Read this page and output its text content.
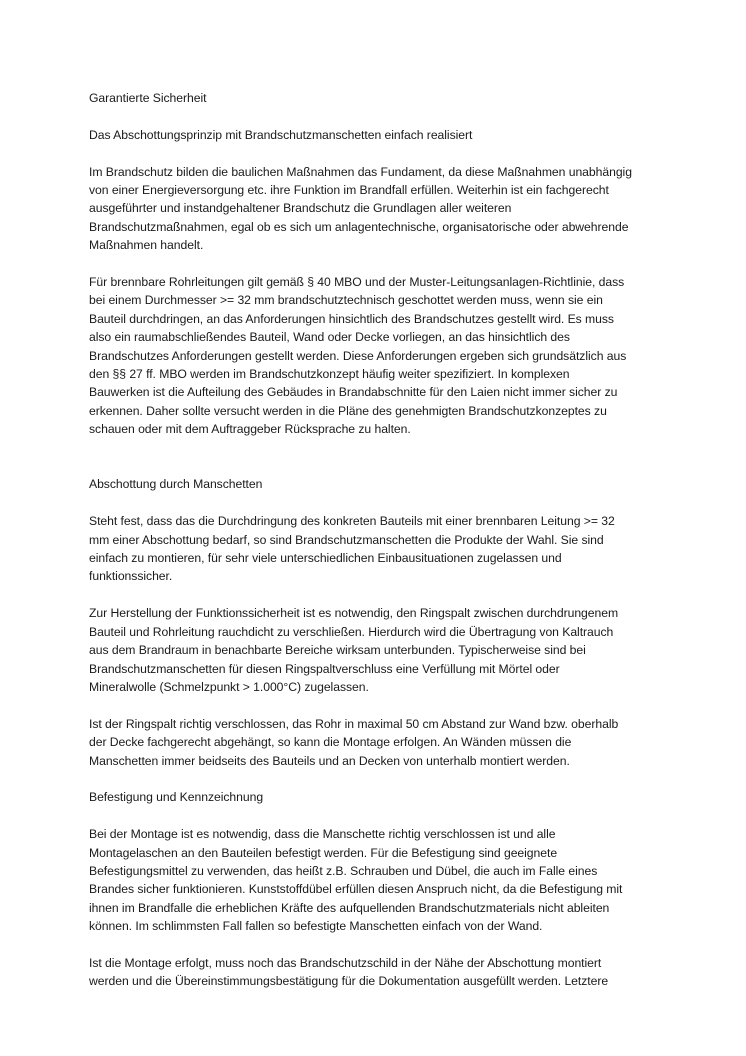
Garantierte Sicherheit

Das Abschottungsprinzip mit Brandschutzmanschetten einfach realisiert

Im Brandschutz bilden die baulichen Maßnahmen das Fundament, da diese Maßnahmen unabhängig
von einer Energieversorgung etc. ihre Funktion im Brandfall erfüllen. Weiterhin ist ein fachgerecht
ausgeführter und instandgehaltener Brandschutz die Grundlagen aller weiteren
Brandschutzmaßnahmen, egal ob es sich um anlagentechnische, organisatorische oder abwehrende
Maßnahmen handelt.

Für brennbare Rohrleitungen gilt gemäß § 40 MBO und der Muster-Leitungsanlagen-Richtlinie, dass
bei einem Durchmesser >= 32 mm brandschutztechnisch geschottet werden muss, wenn sie ein
Bauteil durchdringen, an das Anforderungen hinsichtlich des Brandschutzes gestellt wird. Es muss
also ein raumabschließendes Bauteil, Wand oder Decke vorliegen, an das hinsichtlich des
Brandschutzes Anforderungen gestellt werden. Diese Anforderungen ergeben sich grundsätzlich aus
den §§ 27 ff. MBO werden im Brandschutzkonzept häufig weiter spezifiziert. In komplexen
Bauwerken ist die Aufteilung des Gebäudes in Brandabschnitte für den Laien nicht immer sicher zu
erkennen. Daher sollte versucht werden in die Pläne des genehmigten Brandschutzkonzeptes zu
schauen oder mit dem Auftraggeber Rücksprache zu halten.

Abschottung durch Manschetten

Steht fest, dass das die Durchdringung des konkreten Bauteils mit einer brennbaren Leitung >= 32
mm einer Abschottung bedarf, so sind Brandschutzmanschetten die Produkte der Wahl. Sie sind
einfach zu montieren, für sehr viele unterschiedlichen Einbausituationen zugelassen und
funktionssicher.

Zur Herstellung der Funktionssicherheit ist es notwendig, den Ringspalt zwischen durchdrungenem
Bauteil und Rohrleitung rauchdicht zu verschließen. Hierdurch wird die Übertragung von Kaltrauch
aus dem Brandraum in benachbarte Bereiche wirksam unterbunden. Typischerweise sind bei
Brandschutzmanschetten für diesen Ringspaltverschluss eine Verfüllung mit Mörtel oder
Mineralwolle (Schmelzpunkt > 1.000°C) zugelassen.

Ist der Ringspalt richtig verschlossen, das Rohr in maximal 50 cm Abstand zur Wand bzw. oberhalb
der Decke fachgerecht abgehängt, so kann die Montage erfolgen. An Wänden müssen die
Manschetten immer beidseits des Bauteils und an Decken von unterhalb montiert werden.

Befestigung und Kennzeichnung

Bei der Montage ist es notwendig, dass die Manschette richtig verschlossen ist und alle
Montagelaschen an den Bauteilen befestigt werden. Für die Befestigung sind geeignete
Befestigungsmittel zu verwenden, das heißt z.B. Schrauben und Dübel, die auch im Falle eines
Brandes sicher funktionieren. Kunststoffdübel erfüllen diesen Anspruch nicht, da die Befestigung mit
ihnen im Brandfalle die erheblichen Kräfte des aufquellenden Brandschutzmaterials nicht ableiten
können. Im schlimmsten Fall fallen so befestigte Manschetten einfach von der Wand.

Ist die Montage erfolgt, muss noch das Brandschutzschild in der Nähe der Abschottung montiert
werden und die Übereinstimmungsbestätigung für die Dokumentation ausgefüllt werden. Letztere
